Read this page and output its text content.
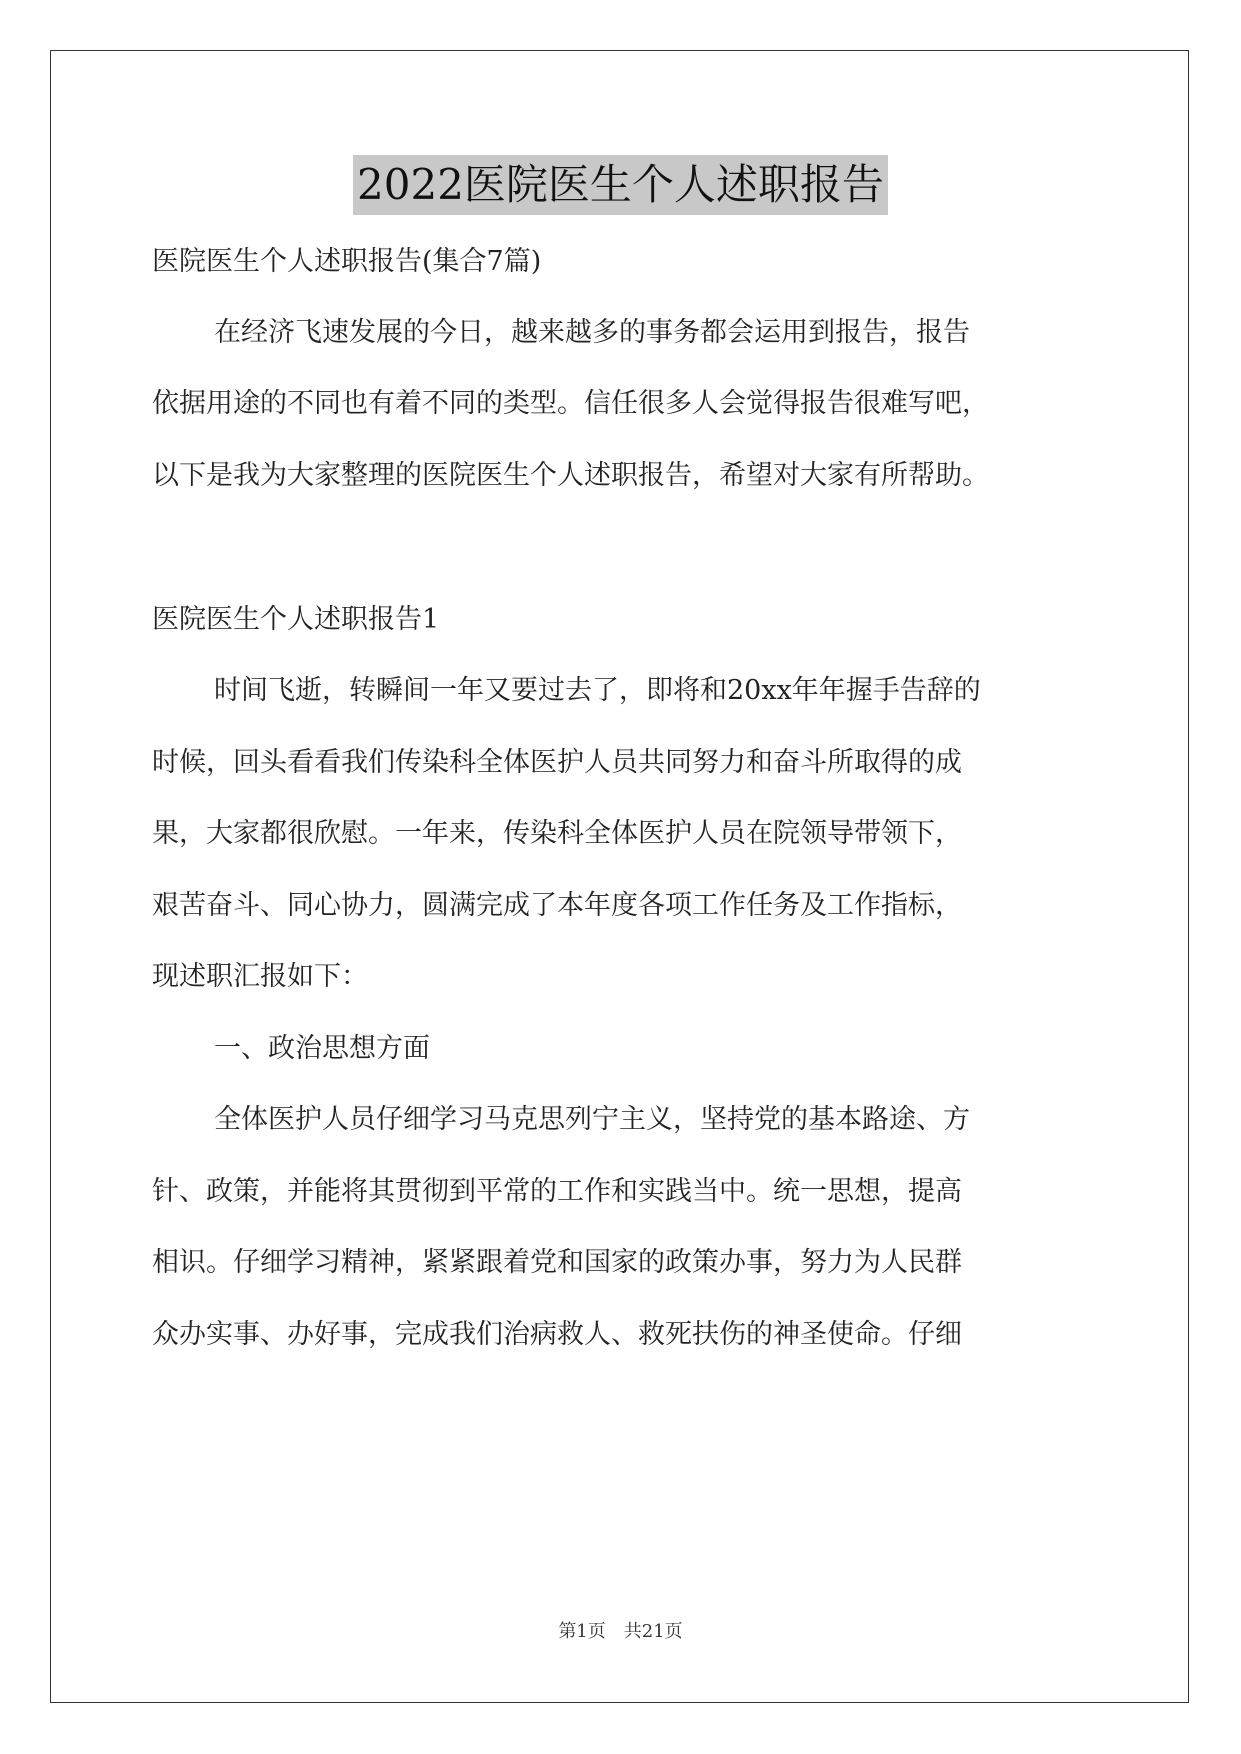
2022医院医生个人述职报告
医院医生个人述职报告(集合7篇)
在经济飞速发展的今日，越来越多的事务都会运用到报告，报告
依据用途的不同也有着不同的类型。信任很多人会觉得报告很难写吧，
以下是我为大家整理的医院医生个人述职报告，希望对大家有所帮助。
医院医生个人述职报告1
时间飞逝，转瞬间一年又要过去了，即将和20xx年年握手告辞的
时候，回头看看我们传染科全体医护人员共同努力和奋斗所取得的成
果，大家都很欣慰。一年来，传染科全体医护人员在院领导带领下，
艰苦奋斗、同心协力，圆满完成了本年度各项工作任务及工作指标，
现述职汇报如下：
一、政治思想方面
全体医护人员仔细学习马克思列宁主义，坚持党的基本路途、方
针、政策，并能将其贯彻到平常的工作和实践当中。统一思想，提高
相识。仔细学习精神，紧紧跟着党和国家的政策办事，努力为人民群
众办实事、办好事，完成我们治病救人、救死扶伤的神圣使命。仔细
第1页　共21页
